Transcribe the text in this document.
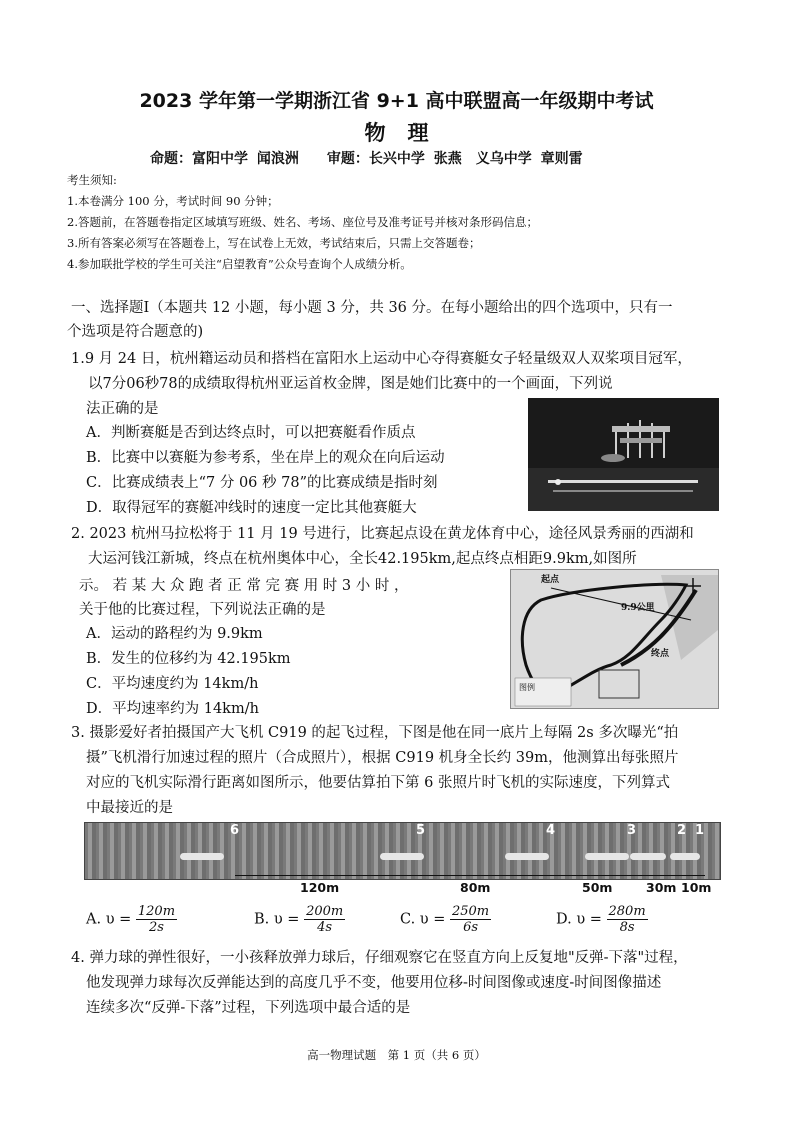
2023 学年第一学期浙江省 9+1 高中联盟高一年级期中考试
物理
命题：富阳中学 闻浪洲　　审题：长兴中学 张燕　义乌中学 章则雷
考生须知:
1.本卷满分 100 分，考试时间 90 分钟；
2.答题前，在答题卷指定区域填写班级、姓名、考场、座位号及准考证号并核对条形码信息；
3.所有答案必须写在答题卷上，写在试卷上无效，考试结束后，只需上交答题卷；
4.参加联批学校的学生可关注“启望教育”公众号查询个人成绩分析。
一、选择题Ⅰ（本题共 12 小题，每小题 3 分，共 36 分。在每小题给出的四个选项中，只有一
个选项是符合题意的)
1.9 月 24 日，杭州籍运动员和搭档在富阳水上运动中心夺得赛艇女子轻量级双人双桨项目冠军，
以7分06秒78的成绩取得杭州亚运首枚金牌，图是她们比赛中的一个画面，下列说
法正确的是
A．判断赛艇是否到达终点时，可以把赛艇看作质点
B．比赛中以赛艇为参考系，坐在岸上的观众在向后运动
C．比赛成绩表上“7 分 06 秒 78”的比赛成绩是指时刻
D．取得冠军的赛艇冲线时的速度一定比其他赛艇大
2. 2023 杭州马拉松将于 11 月 19 号进行，比赛起点设在黄龙体育中心，途径风景秀丽的西湖和
大运河钱江新城，终点在杭州奥体中心，全长42.195km,起点终点相距9.9km,如图所
示。 若 某 大 众 跑 者 正 常 完 赛 用 时 3 小 时 ，
关于他的比赛过程，下列说法正确的是
A．运动的路程约为 9.9km
B．发生的位移约为 42.195km
C．平均速度约为 14km/h
D．平均速率约为 14km/h
起点
9.9公里
终点
图例
3. 摄影爱好者拍摄国产大飞机 C919 的起飞过程，下图是他在同一底片上每隔 2s 多次曝光“拍
摄”飞机滑行加速过程的照片（合成照片），根据 C919 机身全长约 39m，他测算出每张照片
对应的飞机实际滑行距离如图所示，他要估算拍下第 6 张照片时飞机的实际速度，下列算式
中最接近的是
6	5	4	3	2 1
120m	80m	50m	30m 10m
A. $\upsilon = \frac{120m}{2s}$	B. $\upsilon = \frac{200m}{4s}$	C. $\upsilon = \frac{250m}{6s}$	D. $\upsilon = \frac{280m}{8s}$
4. 弹力球的弹性很好，一小孩释放弹力球后，仔细观察它在竖直方向上反复地"反弹-下落"过程，
他发现弹力球每次反弹能达到的高度几乎不变，他要用位移-时间图像或速度-时间图像描述
连续多次“反弹-下落”过程，下列选项中最合适的是
高一物理试题　第 1 页（共 6 页）
